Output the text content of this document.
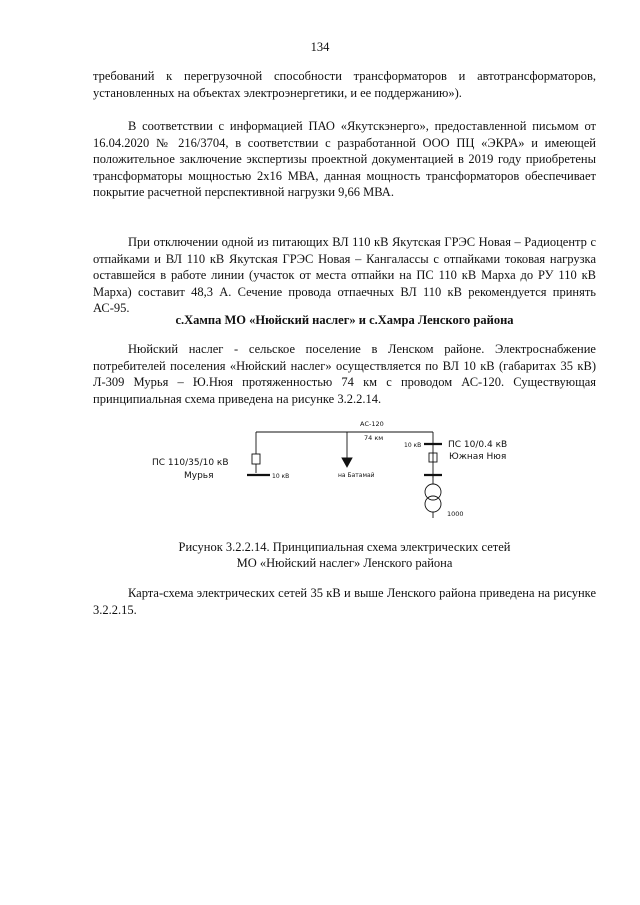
134

требований к перегрузочной способности трансформаторов и автотрансформаторов, установленных на объектах электроэнергетики, и ее поддержанию»).

В соответствии с информацией ПАО «Якутскэнерго», предоставленной письмом от 16.04.2020 № 216/3704, в соответствии с разработанной ООО ПЦ «ЭКРА» и имеющей положительное заключение экспертизы проектной документацией в 2019 году приобретены трансформаторы мощностью 2х16 МВА, данная мощность трансформаторов обеспечивает покрытие расчетной перспективной нагрузки 9,66 МВА.

При отключении одной из питающих ВЛ 110 кВ Якутская ГРЭС Новая – Радиоцентр с отпайками и ВЛ 110 кВ Якутская ГРЭС Новая – Кангалассы с отпайками токовая нагрузка оставшейся в работе линии (участок от места отпайки на ПС 110 кВ Марха до РУ 110 кВ Марха) составит 48,3 А. Сечение провода отпаечных ВЛ 110 кВ рекомендуется принять АС-95.

с.Хампа МО «Нюйский наслег» и с.Хамра Ленского района

Нюйский наслег - сельское поселение в Ленском районе. Электроснабжение потребителей поселения «Нюйский наслег» осуществляется по ВЛ 10 кВ (габаритах 35 кВ) Л-309 Мурья – Ю.Нюя протяженностью 74 км с проводом АС-120. Существующая принципиальная схема приведена на рисунке 3.2.2.14.

АС-120
74 км
ПС 110/35/10 кВ
Мурья	10 кВ	на Батамай
10 кВ	ПС 10/0.4 кВ
Южная Нюя
1000
Рисунок 3.2.2.14. Принципиальная схема электрических сетей
МО «Нюйский наслег» Ленского района

Карта-схема электрических сетей 35 кВ и выше Ленского района приведена на рисунке 3.2.2.15.
